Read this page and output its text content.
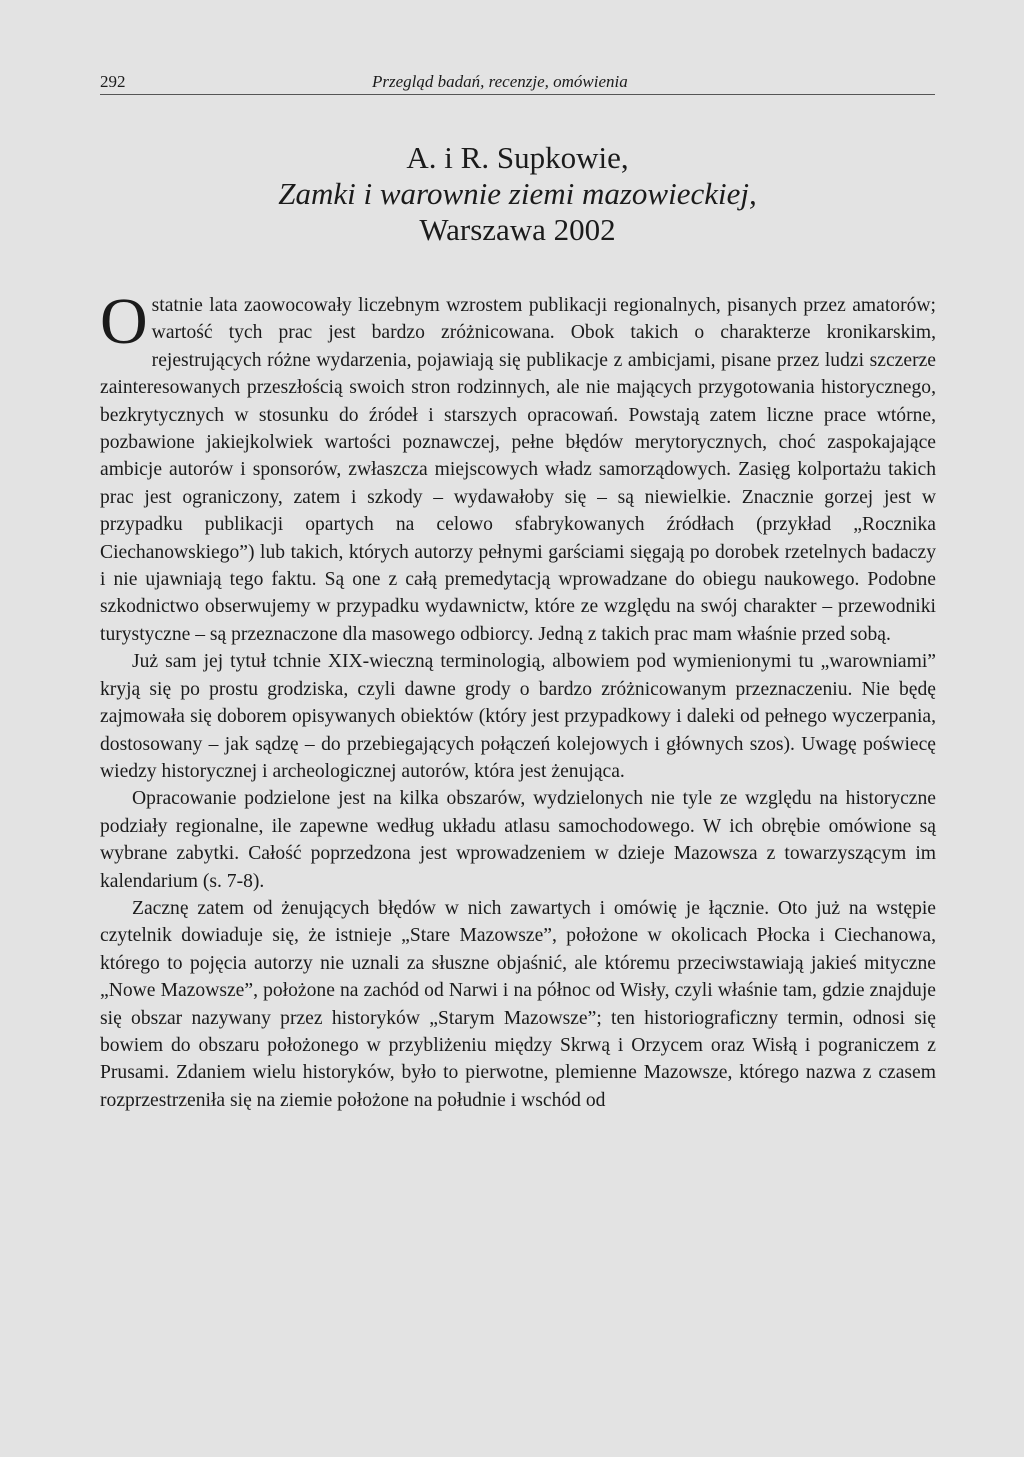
292	Przegląd badań, recenzje, omówienia
A. i R. Supkowie,
Zamki i warownie ziemi mazowieckiej,
Warszawa 2002

Ostatnie lata zaowocowały liczebnym wzrostem publikacji regionalnych, pisanych przez amatorów; wartość tych prac jest bardzo zróżnicowana. Obok takich o charakterze kronikarskim, rejestrujących różne wydarzenia, pojawiają się publikacje z ambicjami, pisane przez ludzi szczerze zainteresowanych przeszłością swoich stron rodzinnych, ale nie mających przygotowania historycznego, bezkrytycznych w stosunku do źródeł i starszych opracowań. Powstają zatem liczne prace wtórne, pozbawione jakiejkolwiek wartości poznawczej, pełne błędów merytorycznych, choć zaspokajające ambicje autorów i sponsorów, zwłaszcza miejscowych władz samorządowych. Zasięg kolportażu takich prac jest ograniczony, zatem i szkody – wydawałoby się – są niewielkie. Znacznie gorzej jest w przypadku publikacji opartych na celowo sfabrykowanych źródłach (przykład „Rocznika Ciechanowskiego”) lub takich, których autorzy pełnymi garściami sięgają po dorobek rzetelnych badaczy i nie ujawniają tego faktu. Są one z całą premedytacją wprowadzane do obiegu naukowego. Podobne szkodnictwo obserwujemy w przypadku wydawnictw, które ze względu na swój charakter – przewodniki turystyczne – są przeznaczone dla masowego odbiorcy. Jedną z takich prac mam właśnie przed sobą.

Już sam jej tytuł tchnie XIX-wieczną terminologią, albowiem pod wymienionymi tu „warowniami” kryją się po prostu grodziska, czyli dawne grody o bardzo zróżnicowanym przeznaczeniu. Nie będę zajmowała się doborem opisywanych obiektów (który jest przypadkowy i daleki od pełnego wyczerpania, dostosowany – jak sądzę – do przebiegających połączeń kolejowych i głównych szos). Uwagę poświecę wiedzy historycznej i archeologicznej autorów, która jest żenująca.

Opracowanie podzielone jest na kilka obszarów, wydzielonych nie tyle ze względu na historyczne podziały regionalne, ile zapewne według układu atlasu samochodowego. W ich obrębie omówione są wybrane zabytki. Całość poprzedzona jest wprowadzeniem w dzieje Mazowsza z towarzyszącym im kalendarium (s. 7-8).

Zacznę zatem od żenujących błędów w nich zawartych i omówię je łącznie. Oto już na wstępie czytelnik dowiaduje się, że istnieje „Stare Mazowsze”, położone w okolicach Płocka i Ciechanowa, którego to pojęcia autorzy nie uznali za słuszne objaśnić, ale któremu przeciwstawiają jakieś mityczne „Nowe Mazowsze”, położone na zachód od Narwi i na północ od Wisły, czyli właśnie tam, gdzie znajduje się obszar nazywany przez historyków „Starym Mazowsze”; ten historiograficzny termin, odnosi się bowiem do obszaru położonego w przybliżeniu między Skrwą i Orzycem oraz Wisłą i pograniczem z Prusami. Zdaniem wielu historyków, było to pierwotne, plemienne Mazowsze, którego nazwa z czasem rozprzestrzeniła się na ziemie położone na południe i wschód od
